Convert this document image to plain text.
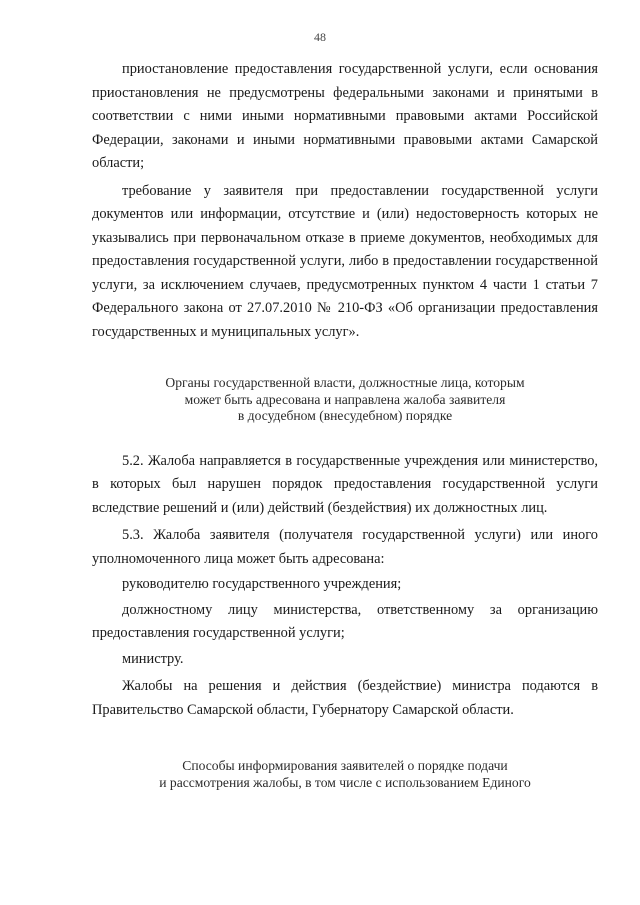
48

приостановление предоставления государственной услуги, если основания приостановления не предусмотрены федеральными законами и принятыми в соответствии с ними иными нормативными правовыми актами Российской Федерации, законами и иными нормативными правовыми актами Самарской области;

требование у заявителя при предоставлении государственной услуги документов или информации, отсутствие и (или) недостоверность которых не указывались при первоначальном отказе в приеме документов, необходимых для предоставления государственной услуги, либо в предоставлении государственной услуги, за исключением случаев, предусмотренных пунктом 4 части 1 статьи 7 Федерального закона от 27.07.2010 № 210-ФЗ «Об организации предоставления государственных и муниципальных услуг».

Органы государственной власти, должностные лица, которым
может быть адресована и направлена жалоба заявителя
в досудебном (внесудебном) порядке

5.2. Жалоба направляется в государственные учреждения или министерство, в которых был нарушен порядок предоставления государственной услуги вследствие решений и (или) действий (бездействия) их должностных лиц.

5.3. Жалоба заявителя (получателя государственной услуги) или иного уполномоченного лица может быть адресована:

руководителю государственного учреждения;

должностному лицу министерства, ответственному за организацию предоставления государственной услуги;

министру.

Жалобы на решения и действия (бездействие) министра подаются в Правительство Самарской области, Губернатору Самарской области.

Способы информирования заявителей о порядке подачи
и рассмотрения жалобы, в том числе с использованием Единого
